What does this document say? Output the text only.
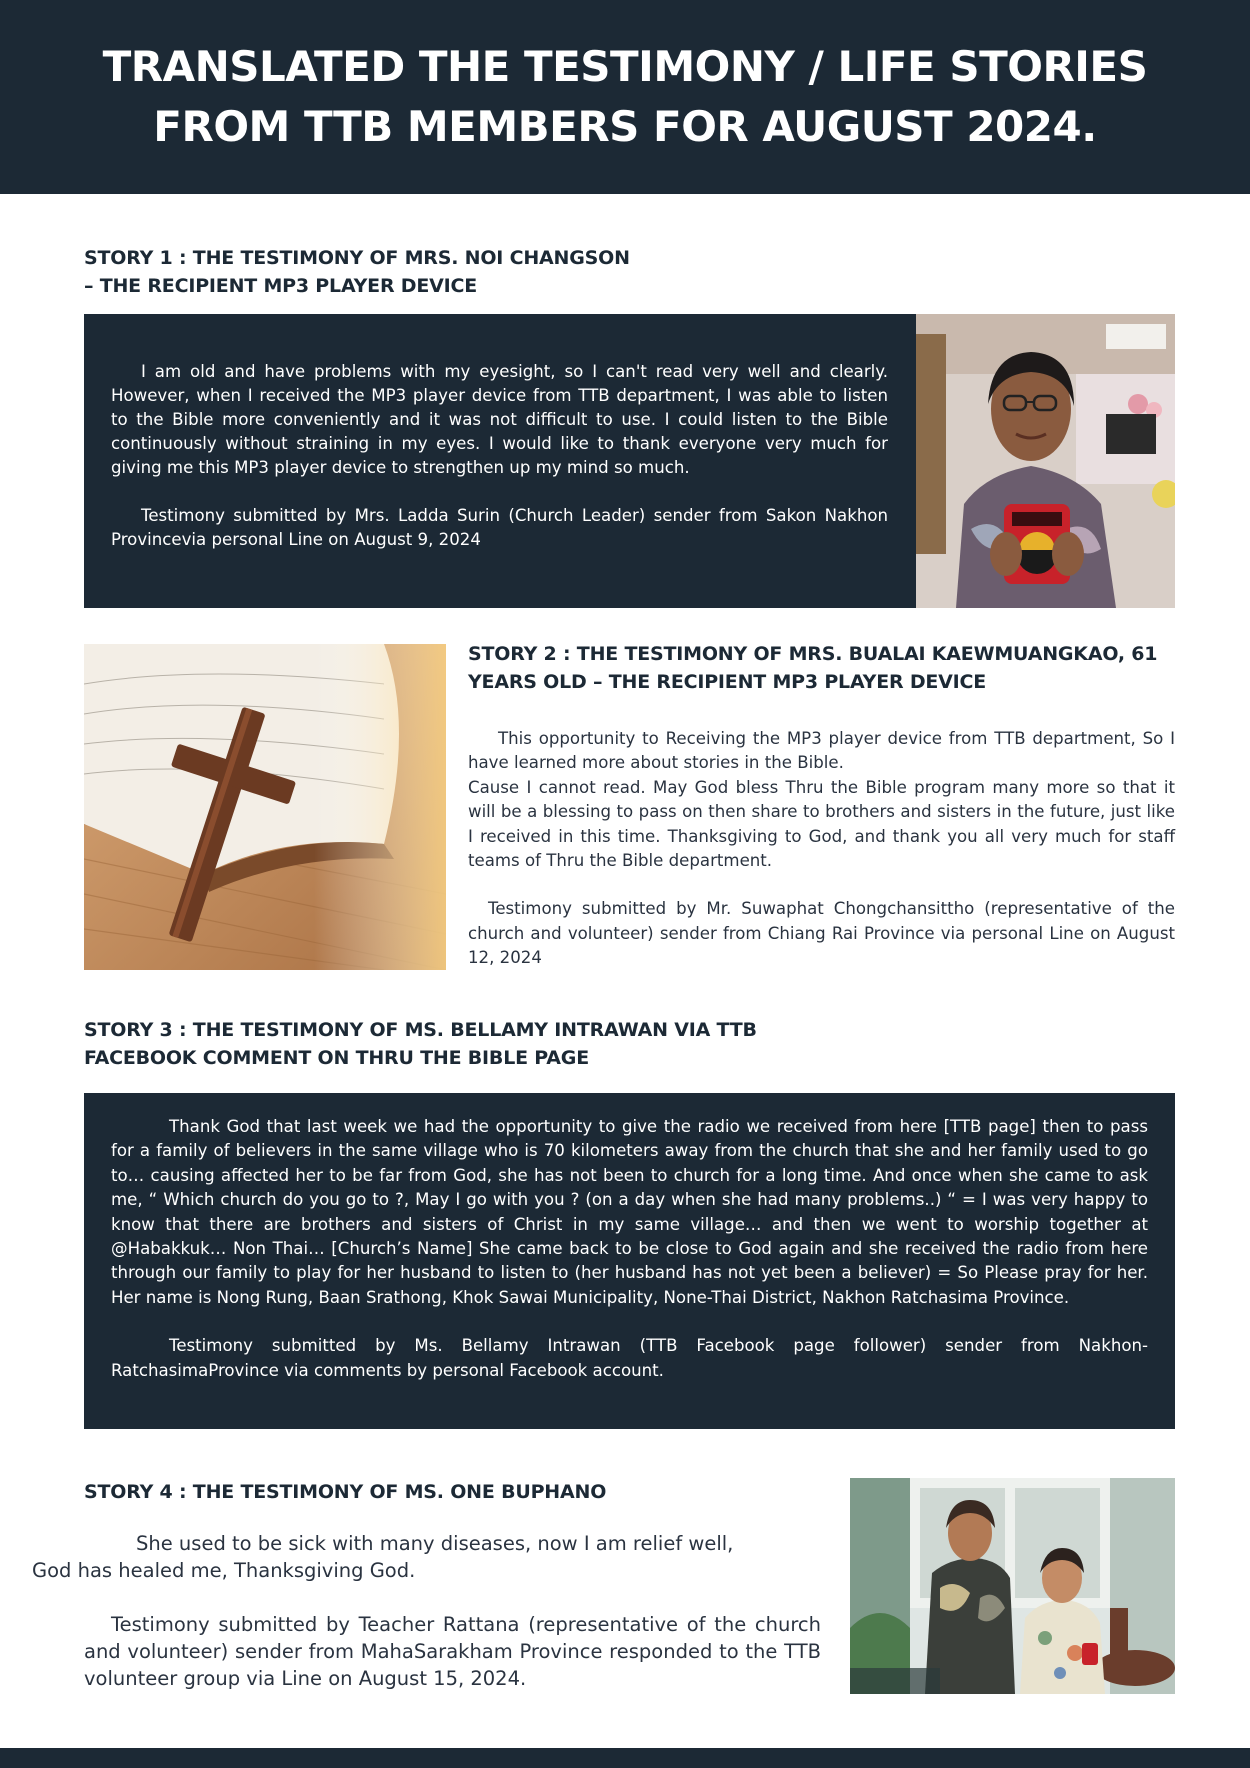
TRANSLATED THE TESTIMONY / LIFE STORIES
FROM TTB MEMBERS FOR AUGUST 2024.
STORY 1 : THE TESTIMONY OF MRS. NOI CHANGSON
– THE RECIPIENT MP3 PLAYER DEVICE

I am old and have problems with my eyesight, so I can't read very well and clearly. However, when I received the MP3 player device from TTB department, I was able to listen to the Bible more conveniently and it was not difficult to use. I could listen to the Bible continuously without straining in my eyes. I would like to thank everyone very much for giving me this MP3 player device to strengthen up my mind so much.

Testimony submitted by Mrs. Ladda Surin (Church Leader) sender from Sakon Nakhon Provincevia personal Line on August 9, 2024

STORY 2 : THE TESTIMONY OF MRS. BUALAI KAEWMUANGKAO, 61
YEARS OLD – THE RECIPIENT MP3 PLAYER DEVICE

This opportunity to Receiving the MP3 player device from TTB department, So I have learned more about stories in the Bible.

Cause I cannot read. May God bless Thru the Bible program many more so that it will be a blessing to pass on then share to brothers and sisters in the future, just like I received in this time. Thanksgiving to God, and thank you all very much for staff teams of Thru the Bible department.

Testimony submitted by Mr. Suwaphat Chongchansittho (representative of the church and volunteer) sender from Chiang Rai Province via personal Line on August 12, 2024

STORY 3 : THE TESTIMONY OF MS. BELLAMY INTRAWAN VIA TTB
FACEBOOK COMMENT ON THRU THE BIBLE PAGE

Thank God that last week we had the opportunity to give the radio we received from here [TTB page] then to pass for a family of believers in the same village who is 70 kilometers away from the church that she and her family used to go to… causing affected her to be far from God, she has not been to church for a long time. And once when she came to ask me, “ Which church do you go to ?, May I go with you ? (on a day when she had many problems..) “ = I was very happy to know that there are brothers and sisters of Christ in my same village… and then we went to worship together at @Habakkuk… Non Thai… [Church’s Name] She came back to be close to God again and she received the radio from here through our family to play for her husband to listen to (her husband has not yet been a believer) = So Please pray for her. Her name is Nong Rung, Baan Srathong, Khok Sawai Municipality, None-Thai District, Nakhon Ratchasima Province.

Testimony submitted by Ms. Bellamy Intrawan (TTB Facebook page follower) sender from Nakhon-RatchasimaProvince via comments by personal Facebook account.

STORY 4 : THE TESTIMONY OF MS. ONE BUPHANO

She used to be sick with many diseases, now I am relief well,
God has healed me, Thanksgiving God.

Testimony submitted by Teacher Rattana (representative of the church and volunteer) sender from MahaSarakham Province responded to the TTB volunteer group via Line on August 15, 2024.
